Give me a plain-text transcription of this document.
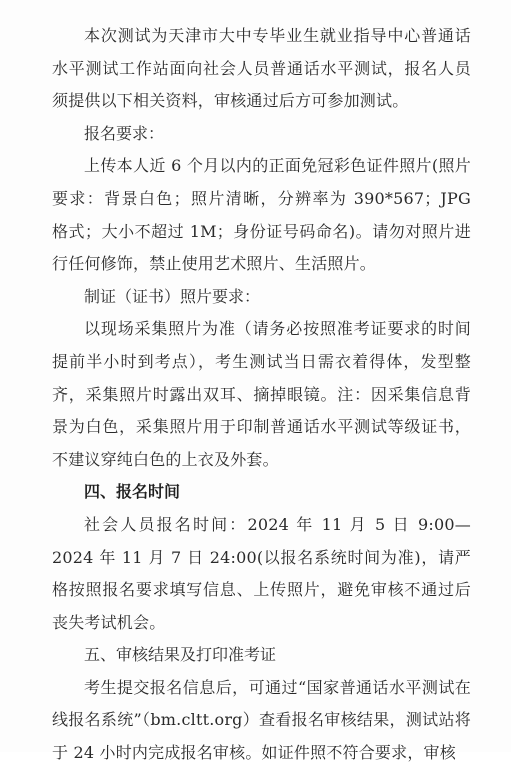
本次测试为天津市大中专毕业生就业指导中心普通话水平测试工作站面向社会人员普通话水平测试，报名人员须提供以下相关资料，审核通过后方可参加测试。

报名要求：

上传本人近 6 个月以内的正面免冠彩色证件照片(照片要求：背景白色；照片清晰，分辨率为 390*567；JPG 格式；大小不超过 1M；身份证号码命名)。请勿对照片进行任何修饰，禁止使用艺术照片、生活照片。

制证（证书）照片要求：

以现场采集照片为准（请务必按照准考证要求的时间提前半小时到考点），考生测试当日需衣着得体，发型整齐，采集照片时露出双耳、摘掉眼镜。注：因采集信息背景为白色，采集照片用于印制普通话水平测试等级证书，不建议穿纯白色的上衣及外套。

四、报名时间

社会人员报名时间：2024 年 11 月 5 日 9:00—2024 年 11 月 7 日 24:00(以报名系统时间为准)，请严格按照报名要求填写信息、上传照片，避免审核不通过后丧失考试机会。

五、审核结果及打印准考证

考生提交报名信息后，可通过“国家普通话水平测试在线报名系统”（bm.cltt.org）查看报名审核结果，测试站将于 24 小时内完成报名审核。如证件照不符合要求，审核
